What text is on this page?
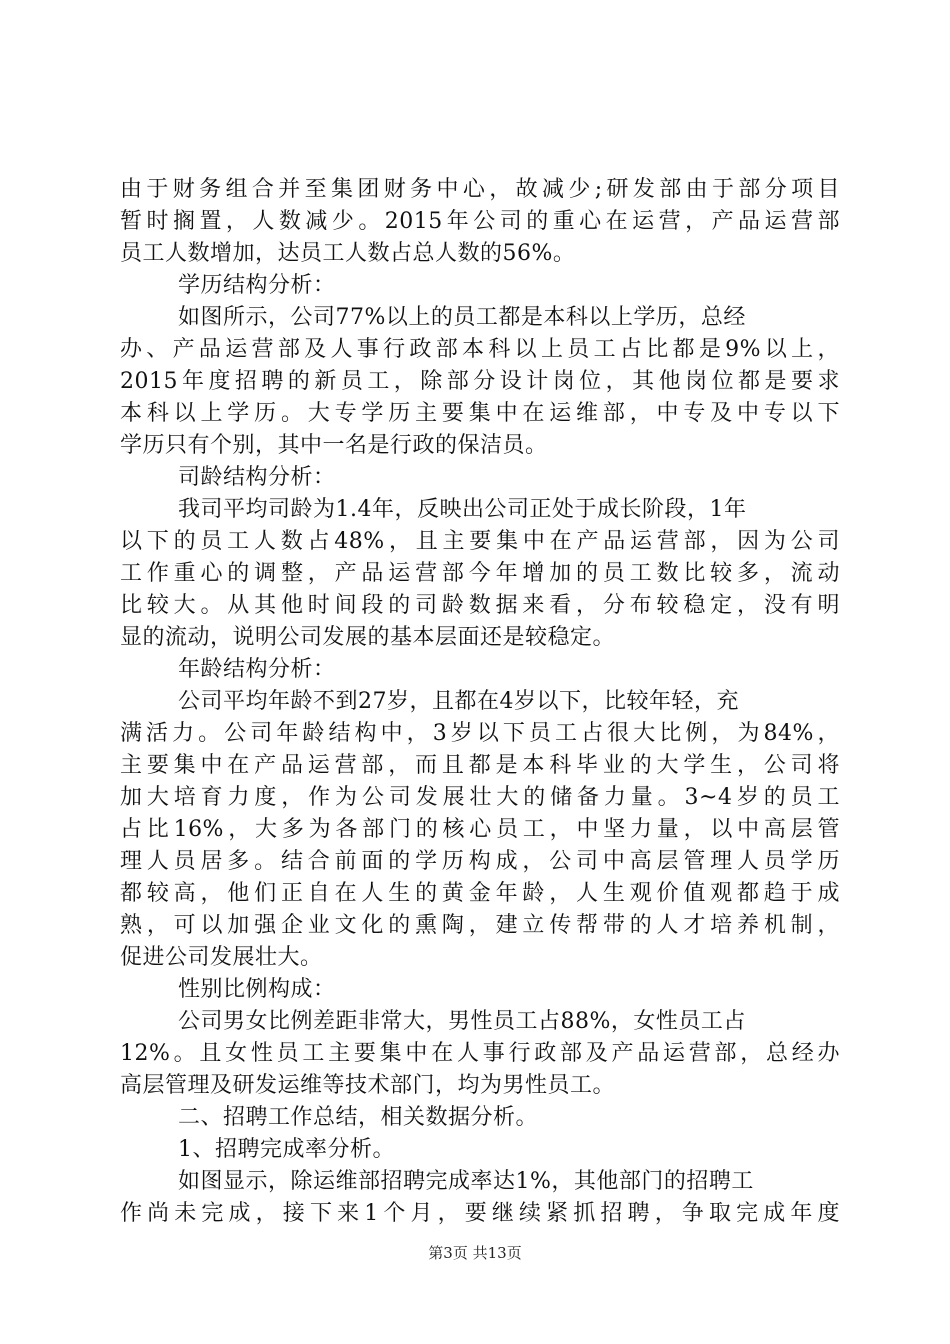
由于财务组合并至集团财务中心，故减少;研发部由于部分项目
暂时搁置，人数减少。2015年公司的重心在运营，产品运营部
员工人数增加，达员工人数占总人数的56%。
学历结构分析：
如图所示，公司77%以上的员工都是本科以上学历，总经
办、产品运营部及人事行政部本科以上员工占比都是9%以上，
2015年度招聘的新员工，除部分设计岗位，其他岗位都是要求
本科以上学历。大专学历主要集中在运维部，中专及中专以下
学历只有个别，其中一名是行政的保洁员。
司龄结构分析：
我司平均司龄为1.4年，反映出公司正处于成长阶段，1年
以下的员工人数占48%，且主要集中在产品运营部，因为公司
工作重心的调整，产品运营部今年增加的员工数比较多，流动
比较大。从其他时间段的司龄数据来看，分布较稳定，没有明
显的流动，说明公司发展的基本层面还是较稳定。
年龄结构分析：
公司平均年龄不到27岁，且都在4岁以下，比较年轻，充
满活力。公司年龄结构中，3岁以下员工占很大比例，为84%，
主要集中在产品运营部，而且都是本科毕业的大学生，公司将
加大培育力度，作为公司发展壮大的储备力量。3~4岁的员工
占比16%，大多为各部门的核心员工，中坚力量，以中高层管
理人员居多。结合前面的学历构成，公司中高层管理人员学历
都较高，他们正自在人生的黄金年龄，人生观价值观都趋于成
熟，可以加强企业文化的熏陶，建立传帮带的人才培养机制，
促进公司发展壮大。
性别比例构成：
公司男女比例差距非常大，男性员工占88%，女性员工占
12%。且女性员工主要集中在人事行政部及产品运营部，总经办
高层管理及研发运维等技术部门，均为男性员工。
二、招聘工作总结，相关数据分析。
1、招聘完成率分析。
如图显示，除运维部招聘完成率达1%，其他部门的招聘工
作尚未完成，接下来1个月，要继续紧抓招聘，争取完成年度
第3页 共13页
